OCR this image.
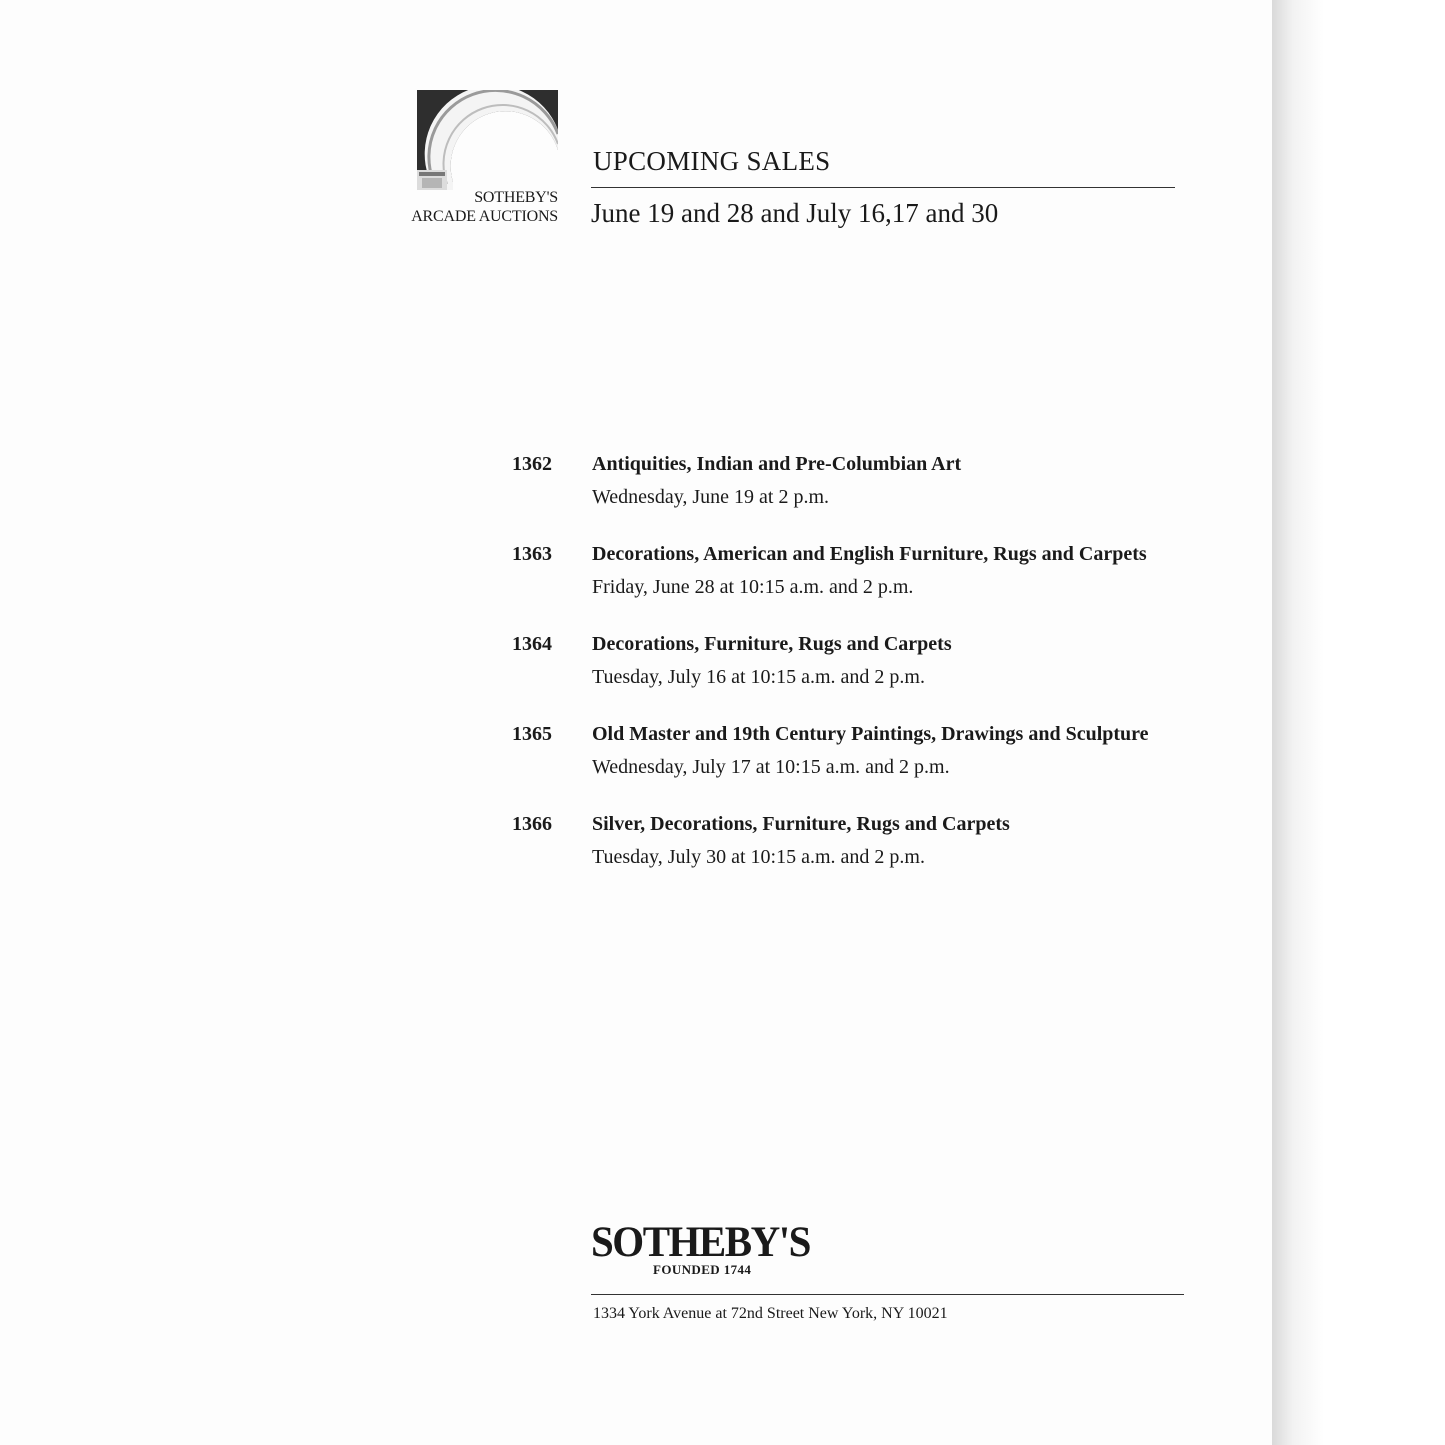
SOTHEBY'S
ARCADE AUCTIONS
UPCOMING SALES
June 19 and 28 and July 16,17 and 30
1362 Antiquities, Indian and Pre-Columbian Art
Wednesday, June 19 at 2 p.m.
1363 Decorations, American and English Furniture, Rugs and Carpets
Friday, June 28 at 10:15 a.m. and 2 p.m.
1364 Decorations, Furniture, Rugs and Carpets
Tuesday, July 16 at 10:15 a.m. and 2 p.m.
1365 Old Master and 19th Century Paintings, Drawings and Sculpture
Wednesday, July 17 at 10:15 a.m. and 2 p.m.
1366 Silver, Decorations, Furniture, Rugs and Carpets
Tuesday, July 30 at 10:15 a.m. and 2 p.m.
SOTHEBY'S
FOUNDED 1744
1334 York Avenue at 72nd Street New York, NY 10021
